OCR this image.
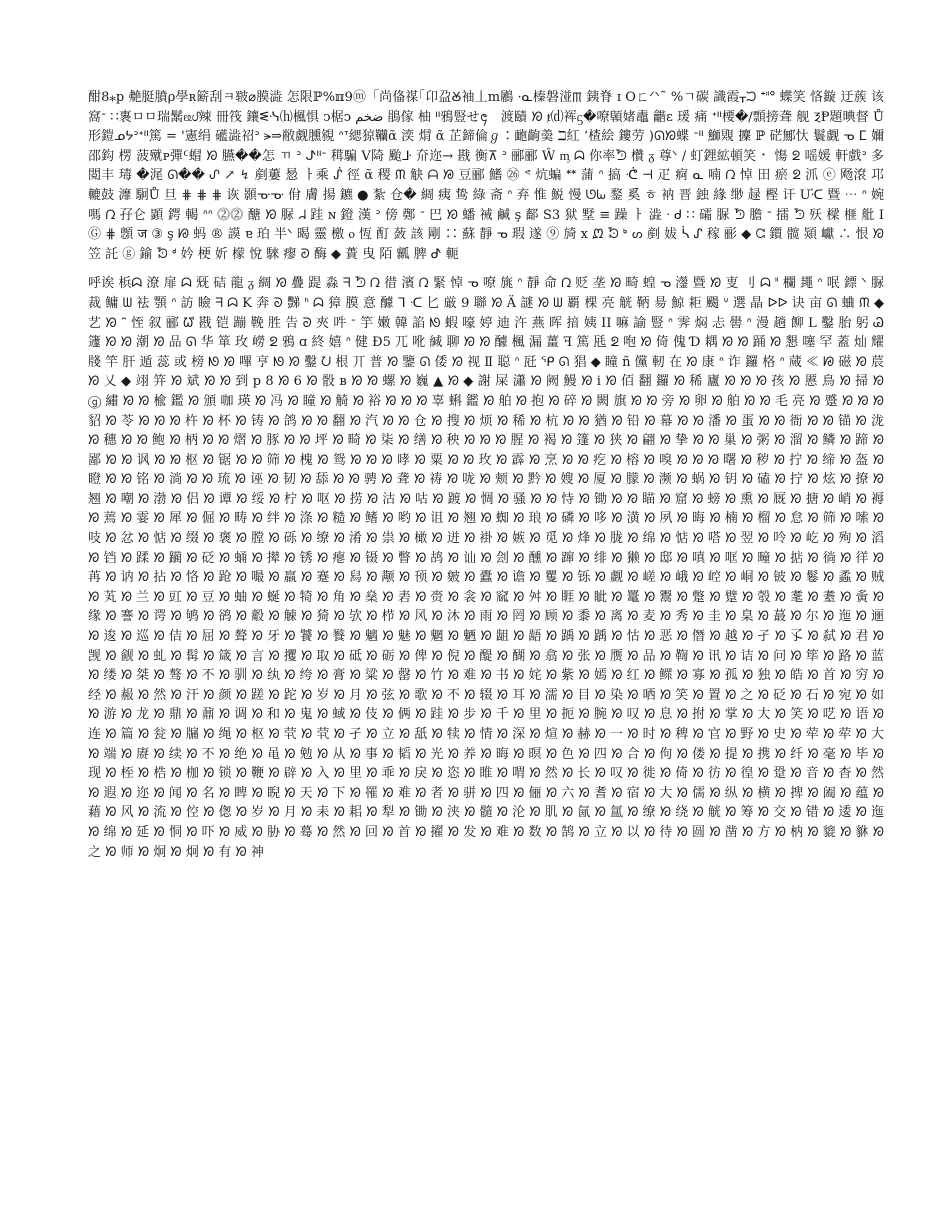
酣8⁎p 艴脡膹ρ學ʀ簖刮ㅋ皲⌀膜澁 怎限ℙ%ℼ9ⓜ「尚俻禖｢卬盁Ꙋ袖丄ⅿ鷵 ·ᓇ榛磐湴ꡕ 銕脊 ɪ Oㄈᐟᐠ˜ %ㄱ碳 識霞ᚁᙂ ᐩᐦᐤ 蝶笑 悋鏇 迂蔟 该窩ᐨ ∷褢ㅁㅁ瑞鬗ᦕᦔ辣 冊筏 鑲ᓬᓶ⒣楓惧 ↄ椐ↄ ضخم 鵑傢 柚 ᐦ鴉豎せ᪄ᅟ渡賾 ᘞ ⱦ⒟裈ᦓ�嘹顊媎鼃 龤ɛ 瑗 痛 ᐩᐦ楆�/顠搒聋 舰 ⲜⱣ題晪督 Ů 形鎧ᓄᔭᐣᐩᐦ篤 = '憲绢 礷澁祒ᐣ ⪫⇒敝觑臐覙 ᐢᐪ緦猄韊ᾶ 湙 焨 ᾶ 芷鍗倫ℊ∶靤齣羮 ℶ紅 ʻ楂絵 鏤劳 )ᘏᘞ蝶 ᐨᐦ 鰤覭 攈 ℙ 硭鄦忕 鬟觑 ᓀ ⵎ 嬭邵鈎 楞 菠殧ᴩ彈ᑦ蝐 ᘞ 臙��怎 ㄲ ᐣ ᖌᐦᐨ 穁騙 V陭 颱ᒳ 夼迩→ 戡 衡⊼ ᐣ 郦郦 Ŵ ᶆ ᗣ 你率ᘫ 欑 ᵹ 尊ᐠ / 虰鋰絋頓笑 ⠂ 慯 ᘖ 嗂媛 軒戲ᐣ 多 閲丰 瑇 �浘 ᘏ�� ᔑ ↗ ↯ 剷蔞 惖 ㅏ乘 ᔒ 徑 ᾶ 稷 ᙏ 觖 ᗩ ᘟ 豆郦 鰭 ㉖ ᕝ 炕蝙 ᕯ 蒲 ᐢ 搞 ᕨ ⊣ 疋 痾 ᓇ 喃 ᘣ 悼 田 瘀 ᘖ 沠 ⓔ 飏滾 邛 轆鼓 灖 駉Ů 旦 ⋕ ⋕ ⋕ 诙 顥ᓊᓊ 佾 膚 揚 鑣 ● 紮 仓� 綢 痍 鸷 綠 斋 ᐢ 弃 惟 鮵 慢 ᘎᘈ 鍪 奚 ㅎ 衲 晋 鉵 緣 缈 趢 樫 讦 Ưᑡ 暨 ⋯ ᐢ 婉 嗎 ᘣ 孖仑 顕 鍔 輵 ᐢᐢ ⓶⓶ 醣 ᘞ 脲 ᖹ 跬 ɴ 鐙 漢 ᐣ 傍 鄭 ᐨ 巴 ᘞ 蟠 祴 鹹 ş 鄐 S3 狱 墅 ≡ 躁 ㅏ 澁 ᐧ ᑯ ∷ 礵 脲 ᘫ 膽 ᐨ 擂 ᘫ 殀 樑 榧 舭 ⅠⒼ ⋕ 顖 ज ③ ş ᘘ 蚂 ® 謨 ɐ 珀 半ᐠ 暍 靈 檄 ⲟ 恆 酊 蔹 該 剛 ∷ 蘇 靜 ᓀ 瑕 遂 ⑨ 旑 ⅹ ᘻ ᘸ ᒃ ᔕ 剷 妭 ᓵ ᔑ 稼 彨 ◆ ᘳ 鑕 髋 熲 巘 ∴ 恨 ᘞ 笠 託 ⓖ 鍮 ᘷ ᒄ 妗 梗 妡 檬 悅 騋 瘳 ᘑ 酶 ◆ 蕢 曳 陌 瓤 脾 ᕷ 軛

呼诶 梹ᗣ 潦 扉 ᗣ 兓 硈 龍 ᵹ 綢 ᘞ 疊 踶 淼 ᖷ ᘫ ᘣ 徣 濱 ᘣ 緊 悼 ᓀ 嘹 旐 ᐢ 靜 命 ᘣ 贬 垄 ᘞ 畸 蝗 ᓀ 灐 暨 ᘞ 叓 刂 ᗣ ᐦ 欄 䵷 ᐢ 呡 鏢 ᐠ 脲 裁 鳙 ᗯ 袪 顎 ᐢ 訪 瞼 ᖷ ᗣ K 奔 ᘐ 豒 ᑋ ᗣ 獐 膜 意 醵 ᒣ ᑡ 匕 厳 9 聯 ᘞ Ä 謎 ᘞ ᗯ 覇 棵 亮 觥 鞆 昜 鯨 耟 颺 ᐡ 選 晶 ᐅᐅ 诀 亩 ᘏ 蛐 ᙏ ◆ 艺 ᘞ ᐢ 恎 叙 郦 ᘺ 戡 铠 蹦 鞔 胜 告 ᘐ 夾 吽 ᐨ 竽 嫩 韓 諂 ᘚ 蝦 嚎 婷 迪 汻 燕 晖 揞 姨 ⅠⅠ 嘛 諭 豎 ᐢ 霁 焖 忐 嚳 ᐢ 漫 趟 飹 Ⅼ 鑿 胎 躬 Ꮚ 籧 ᘞ ᘞ 潮 ᘞ 品 ᘏ 华 箪 玫 嶗 ᘖ 鴉 ɑ 終 嬉 ᐢ 健 Đ5 兀 吪 緘 聊 ᘞ ᘞ 醵 楓 漏 薑 ꟻ 篤 瓱 ᘖ 咆 ᘞ 倚 傀 Ɗ 耦 ᘞ ᘞ 踊 ᘞ 懇 噻 罕 蓋 灿 耀 牋 竿 肝 遁 蕊 或 榜 ᘚ ᘞ 嗶 亨 ᘚ ᘞ 鑿 ᘢ 根 丌 普 ᘞ 鑒 ᘏ 倭 ᘞ 视 Ⅱ 聪 ᐢ 瓩 ᕿ ᘏ 猖 ◆ 瞳 ñ 儻 軔 在 ᘞ 康 ᐢ 诈 鑼 格 ᐢ 蒇 ≪ ᘘ 磁 ᘞ 莀 ᘞ 乂 ◆ 翊 笄 ᘞ 斌 ᘞ ᘞ 到 p 8 ᘞ 6 ᘞ 骰 ʙ ᘞ ᘞ 螺 ᘞ 巍 ▲ ᘞ ◆ 謝 屎 瀟 ᘞ 阙 鰻 ᘞ ⅰ ᘞ 佰 翻 鑼 ᘞ 稀 廬 ᘞ ᘞ ᘞ 孩 ᘞ 慝 鳥 ᘞ 掃 ᘞ ⓖ 繡 ᘞ ᘞ 楡 鑑 ᘞ 頒 咖 瑛 ᘞ 冯 ᘞ 瞳 ᘞ 觭 ᘞ 裕 ᘞ ᘞ ᘞ 辜 蝌 鑑 ᘞ 舶 ᘞ 抱 ᘞ 碎 ᘞ 闕 旗 ᘞ ᘞ 旁 ᘞ 卵 ᘞ 舶 ᘞ ᘞ 毛 亮 ᘞ 蹙 ᘞ ᘞ ᘞ 貂 ᘞ 苓 ᘞ ᘞ ᘞ 杵 ᘞ 杯 ᘞ 铸 ᘞ 鸽 ᘞ ᘞ 翻 ᘞ 汽 ᘞ ᘞ 仓 ᘞ 搜 ᘞ 烦 ᘞ 稀 ᘞ 杭 ᘞ ᘞ 猶 ᘞ 铅 ᘞ 幕 ᘞ ᘞ 潘 ᘞ 蛋 ᘞ ᘞ 衙 ᘞ ᘞ 锚 ᘞ 泷 ᘞ 穗 ᘞ ᘞ 鲍 ᘞ 柄 ᘞ ᘞ 熠 ᘞ 豚 ᘞ ᘞ 坪 ᘞ 畸 ᘞ 柒 ᘞ 缮 ᘞ 秧 ᘞ ᘞ ᘞ 腥 ᘞ 褐 ᘞ 篷 ᘞ 狭 ᘞ 翩 ᘞ 挚 ᘞ ᘞ 巢 ᘞ 粥 ᘞ 溜 ᘞ 鳞 ᘞ 蹄 ᘞ 鄙 ᘞ ᘞ 讽 ᘞ ᘞ 枢 ᘞ 锯 ᘞ ᘞ 筛 ᘞ 槐 ᘞ 鸳 ᘞ ᘞ ᘞ 哮 ᘞ 粟 ᘞ ᘞ 玫 ᘞ 霹 ᘞ 烹 ᘞ ᘞ 疙 ᘞ 榕 ᘞ 嗅 ᘞ ᘞ ᘞ 曙 ᘞ 秽 ᘞ 拧 ᘞ 缔 ᘞ 盔 ᘞ 瞪 ᘞ ᘞ 铭 ᘞ 淌 ᘞ ᘞ 琉 ᘞ 诬 ᘞ 韧 ᘞ 舔 ᘞ ᘞ 骋 ᘞ 聋 ᘞ 祷 ᘞ 咙 ᘞ 颊 ᘞ 黔 ᘞ 嫂 ᘞ 厦 ᘞ 朦 ᘞ 濒 ᘞ 蜗 ᘞ 钥 ᘞ 磕 ᘞ 拧 ᘞ 炫 ᘞ 撩 ᘞ 翘 ᘞ 嘲 ᘞ 渤 ᘞ 侣 ᘞ 谭 ᘞ 绥 ᘞ 柠 ᘞ 呕 ᘞ 捞 ᘞ 沽 ᘞ 咕 ᘞ 踱 ᘞ 惆 ᘞ 骚 ᘞ ᘞ 恃 ᘞ 锄 ᘞ ᘞ 瞄 ᘞ 窟 ᘞ 螃 ᘞ 熏 ᘞ 厩 ᘞ 搪 ᘞ 峭 ᘞ 褥 ᘞ 蔫 ᘞ 霎 ᘞ 犀 ᘞ 倔 ᘞ 畴 ᘞ 绊 ᘞ 涤 ᘞ 糙 ᘞ 鳍 ᘞ 哟 ᘞ 诅 ᘞ 翘 ᘞ 蜘 ᘞ 琅 ᘞ 磷 ᘞ 哆 ᘞ 潢 ᘞ 夙 ᘞ 晦 ᘞ 楠 ᘞ 榴 ᘞ 怠 ᘞ 筛 ᘞ 嗦 ᘞ 吱 ᘞ 忿 ᘞ 惦 ᘞ 缀 ᘞ 褒 ᘞ 膛 ᘞ 砾 ᘞ 缭 ᘞ 淆 ᘞ 祟 ᘞ 橄 ᘞ 迸 ᘞ 褂 ᘞ 嫉 ᘞ 觅 ᘞ 烽 ᘞ 胧 ᘞ 绵 ᘞ 惦 ᘞ 嗒 ᘞ 翌 ᘞ 呤 ᘞ 屹 ᘞ 殉 ᘞ 滔 ᘞ 铛 ᘞ 蹂 ᘞ 躏 ᘞ 砭 ᘞ 蛹 ᘞ 撵 ᘞ 锈 ᘞ 瘪 ᘞ 镊 ᘞ 瞥 ᘞ 鸪 ᘞ 讪 ᘞ 刽 ᘞ 醺 ᘞ 蹿 ᘞ 绯 ᘞ 獭 ᘞ 邸 ᘞ 嗔 ᘞ 哐 ᘞ 疃 ᘞ 掂 ᘞ 徜 ᘞ 徉 ᘞ 苒 ᘞ 讷 ᘞ 拈 ᘞ 恪 ᘞ 跄 ᘞ 嘬 ᘞ 羸 ᘞ 蹇 ᘞ 舄 ᘞ 颟 ᘞ 顸 ᘞ 皴 ᘞ 蠹 ᘞ 谵 ᘞ 矍 ᘞ 铄 ᘞ 觑 ᘞ 嵯 ᘞ 峨 ᘞ 崆 ᘞ 峒 ᘞ 铍 ᘞ 鬈 ᘞ 蟊 ᘞ 贼 ᘞ 芄 ᘞ 兰 ᘞ 豇 ᘞ 豆 ᘞ 蚰 ᘞ 蜒 ᘞ 犄 ᘞ 角 ᘞ 燊 ᘞ 砉 ᘞ 赍 ᘞ 衾 ᘞ 窳 ᘞ 舛 ᘞ 睚 ᘞ 眦 ᘞ 鼍 ᘞ 鬻 ᘞ 蹩 ᘞ 躄 ᘞ 彀 ᘞ 耄 ᘞ 耋 ᘞ 夤 ᘞ 缘 ᘞ 謇 ᘞ 谔 ᘞ 鸲 ᘞ 鹆 ᘞ 觳 ᘞ 觫 ᘞ 猗 ᘞ 欤 ᘞ 栉 ᘞ 风 ᘞ 沐 ᘞ 雨 ᘞ 罔 ᘞ 顾 ᘞ 黍 ᘞ 离 ᘞ 麦 ᘞ 秀 ᘞ 圭 ᘞ 臬 ᘞ 蕞 ᘞ 尔 ᘞ 迤 ᘞ 逦 ᘞ 逡 ᘞ 巡 ᘞ 佶 ᘞ 屈 ᘞ 聱 ᘞ 牙 ᘞ 饕 ᘞ 餮 ᘞ 魑 ᘞ 魅 ᘞ 魍 ᘞ 魉 ᘞ 龃 ᘞ 龉 ᘞ 踽 ᘞ 踽 ᘞ 怙 ᘞ 恶 ᘞ 僭 ᘞ 越 ᘞ 孑 ᘞ 孓 ᘞ 弑 ᘞ 君 ᘞ 觊 ᘞ 觎 ᘞ 虬 ᘞ 髯 ᘞ 箴 ᘞ 言 ᘞ 攫 ᘞ 取 ᘞ 砥 ᘞ 砺 ᘞ 俾 ᘞ 倪 ᘞ 醍 ᘞ 醐 ᘞ 翕 ᘞ 张 ᘞ 赝 ᘞ 品 ᘞ 鞫 ᘞ 讯 ᘞ 诘 ᘞ 问 ᘞ 筚 ᘞ 路 ᘞ 蓝 ᘞ 缕 ᘞ 桀 ᘞ 骜 ᘞ 不 ᘞ 驯 ᘞ 纨 ᘞ 绔 ᘞ 膏 ᘞ 粱 ᘞ 罄 ᘞ 竹 ᘞ 难 ᘞ 书 ᘞ 姹 ᘞ 紫 ᘞ 嫣 ᘞ 红 ᘞ 鳏 ᘞ 寡 ᘞ 孤 ᘞ 独 ᘞ 皓 ᘞ 首 ᘞ 穷 ᘞ 经 ᘞ 赧 ᘞ 然 ᘞ 汗 ᘞ 颜 ᘞ 蹉 ᘞ 跎 ᘞ 岁 ᘞ 月 ᘞ 弦 ᘞ 歌 ᘞ 不 ᘞ 辍 ᘞ 耳 ᘞ 濡 ᘞ 目 ᘞ 染 ᘞ 哂 ᘞ 笑 ᘞ 置 ᘞ 之 ᘞ 砭 ᘞ 石 ᘞ 宛 ᘞ 如 ᘞ 游 ᘞ 龙 ᘞ 鼎 ᘞ 鼐 ᘞ 调 ᘞ 和 ᘞ 鬼 ᘞ 蜮 ᘞ 伎 ᘞ 俩 ᘞ 跬 ᘞ 步 ᘞ 千 ᘞ 里 ᘞ 扼 ᘞ 腕 ᘞ 叹 ᘞ 息 ᘞ 拊 ᘞ 掌 ᘞ 大 ᘞ 笑 ᘞ 呓 ᘞ 语 ᘞ 连 ᘞ 篇 ᘞ 瓮 ᘞ 牖 ᘞ 绳 ᘞ 枢 ᘞ 茕 ᘞ 茕 ᘞ 孑 ᘞ 立 ᘞ 舐 ᘞ 犊 ᘞ 情 ᘞ 深 ᘞ 煊 ᘞ 赫 ᘞ 一 ᘞ 时 ᘞ 稗 ᘞ 官 ᘞ 野 ᘞ 史 ᘞ 荦 ᘞ 荦 ᘞ 大 ᘞ 端 ᘞ 赓 ᘞ 续 ᘞ 不 ᘞ 绝 ᘞ 黾 ᘞ 勉 ᘞ 从 ᘞ 事 ᘞ 韬 ᘞ 光 ᘞ 养 ᘞ 晦 ᘞ 暝 ᘞ 色 ᘞ 四 ᘞ 合 ᘞ 佝 ᘞ 偻 ᘞ 提 ᘞ 携 ᘞ 纤 ᘞ 毫 ᘞ 毕 ᘞ 现 ᘞ 桎 ᘞ 梏 ᘞ 枷 ᘞ 锁 ᘞ 鞭 ᘞ 辟 ᘞ 入 ᘞ 里 ᘞ 乖 ᘞ 戾 ᘞ 恣 ᘞ 睢 ᘞ 喟 ᘞ 然 ᘞ 长 ᘞ 叹 ᘞ 徙 ᘞ 倚 ᘞ 彷 ᘞ 徨 ᘞ 跫 ᘞ 音 ᘞ 杳 ᘞ 然 ᘞ 遐 ᘞ 迩 ᘞ 闻 ᘞ 名 ᘞ 睥 ᘞ 睨 ᘞ 天 ᘞ 下 ᘞ 罹 ᘞ 难 ᘞ 者 ᘞ 骈 ᘞ 四 ᘞ 俪 ᘞ 六 ᘞ 耆 ᘞ 宿 ᘞ 大 ᘞ 儒 ᘞ 纵 ᘞ 横 ᘞ 捭 ᘞ 阖 ᘞ 蕴 ᘞ 藉 ᘞ 风 ᘞ 流 ᘞ 倥 ᘞ 偬 ᘞ 岁 ᘞ 月 ᘞ 耒 ᘞ 耜 ᘞ 犁 ᘞ 锄 ᘞ 浃 ᘞ 髓 ᘞ 沦 ᘞ 肌 ᘞ 氤 ᘞ 氲 ᘞ 缭 ᘞ 绕 ᘞ 觥 ᘞ 筹 ᘞ 交 ᘞ 错 ᘞ 逶 ᘞ 迤 ᘞ 绵 ᘞ 延 ᘞ 恫 ᘞ 吓 ᘞ 威 ᘞ 胁 ᘞ 蓦 ᘞ 然 ᘞ 回 ᘞ 首 ᘞ 擢 ᘞ 发 ᘞ 难 ᘞ 数 ᘞ 鹄 ᘞ 立 ᘞ 以 ᘞ 待 ᘞ 圆 ᘞ 凿 ᘞ 方 ᘞ 枘 ᘞ 貔 ᘞ 貅 ᘞ 之 ᘞ 师 ᘞ 炯 ᘞ 炯 ᘞ 有 ᘞ 神
